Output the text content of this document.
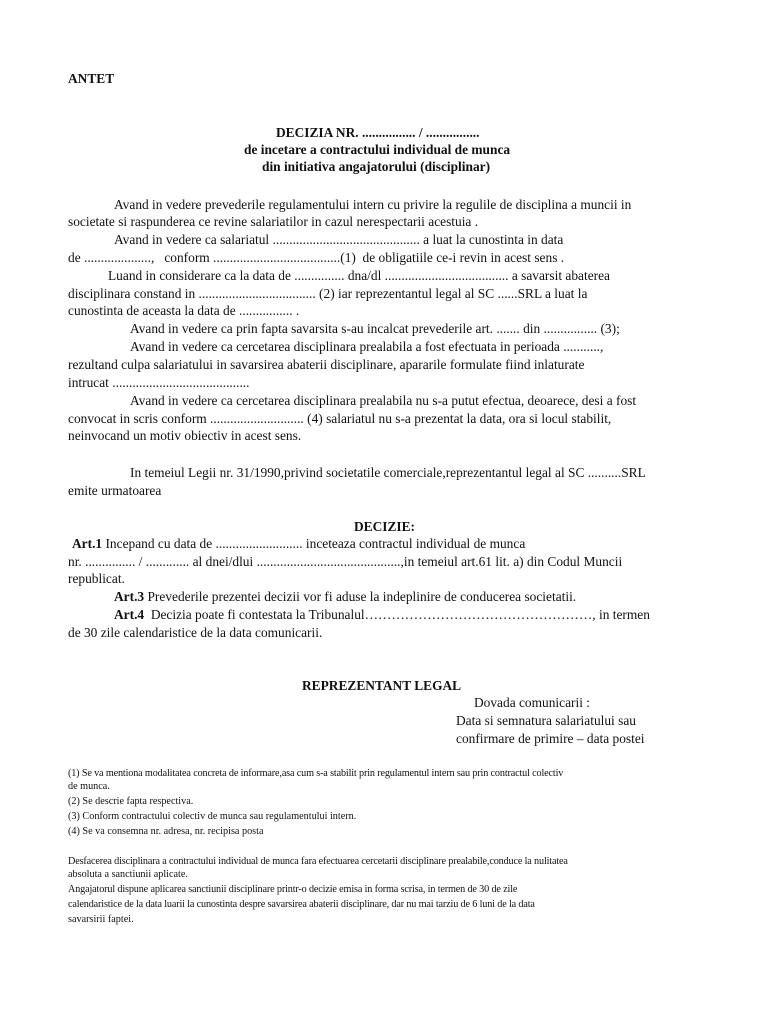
ANTET
DECIZIA NR. ................ / ................
de incetare a contractului individual de munca
din initiativa angajatorului (disciplinar)
Avand in vedere prevederile regulamentului intern cu privire la regulile de disciplina a muncii in
societate si raspunderea ce revine salariatilor in cazul nerespectarii acestuia .
Avand in vedere ca salariatul ............................................ a luat la cunostinta in data
de ....................,   conform ......................................(1)  de obligatiile ce-i revin in acest sens .
Luand in considerare ca la data de ............... dna/dl ..................................... a savarsit abaterea
disciplinara constand in ................................... (2) iar reprezentantul legal al SC ......SRL a luat la
cunostinta de aceasta la data de ................ .
Avand in vedere ca prin fapta savarsita s-au incalcat prevederile art. ....... din ................ (3);
Avand in vedere ca cercetarea disciplinara prealabila a fost efectuata in perioada ...........,
rezultand culpa salariatului in savarsirea abaterii disciplinare, apararile formulate fiind inlaturate
intrucat .........................................
Avand in vedere ca cercetarea disciplinara prealabila nu s-a putut efectua, deoarece, desi a fost
convocat in scris conform ............................ (4) salariatul nu s-a prezentat la data, ora si locul stabilit,
neinvocand un motiv obiectiv in acest sens.
In temeiul Legii nr. 31/1990,privind societatile comerciale,reprezentantul legal al SC ..........SRL
emite urmatoarea
DECIZIE:
Art.1 Incepand cu data de .......................... inceteaza contractul individual de munca
nr. ............... / ............. al dnei/dlui ...........................................,in temeiul art.61 lit. a) din Codul Muncii
republicat.
Art.3 Prevederile prezentei decizii vor fi aduse la indeplinire de conducerea societatii.
Art.4  Decizia poate fi contestata la Tribunalul……………………………………………, in termen
de 30 zile calendaristice de la data comunicarii.
REPREZENTANT LEGAL
Dovada comunicarii :
Data si semnatura salariatului sau
confirmare de primire – data postei
(1) Se va mentiona modalitatea concreta de informare,asa cum s-a stabilit prin regulamentul intern sau prin contractul colectiv
de munca.
(2) Se descrie fapta respectiva.
(3) Conform contractului colectiv de munca sau regulamentului intern.
(4) Se va consemna nr. adresa, nr. recipisa posta
Desfacerea disciplinara a contractului individual de munca fara efectuarea cercetarii disciplinare prealabile,conduce la nulitatea
absoluta a sanctiunii aplicate.
Angajatorul dispune aplicarea sanctiunii disciplinare printr-o decizie emisa in forma scrisa, in termen de 30 de zile
calendaristice de la data luarii la cunostinta despre savarsirea abaterii disciplinare, dar nu mai tarziu de 6 luni de la data
savarsirii faptei.
